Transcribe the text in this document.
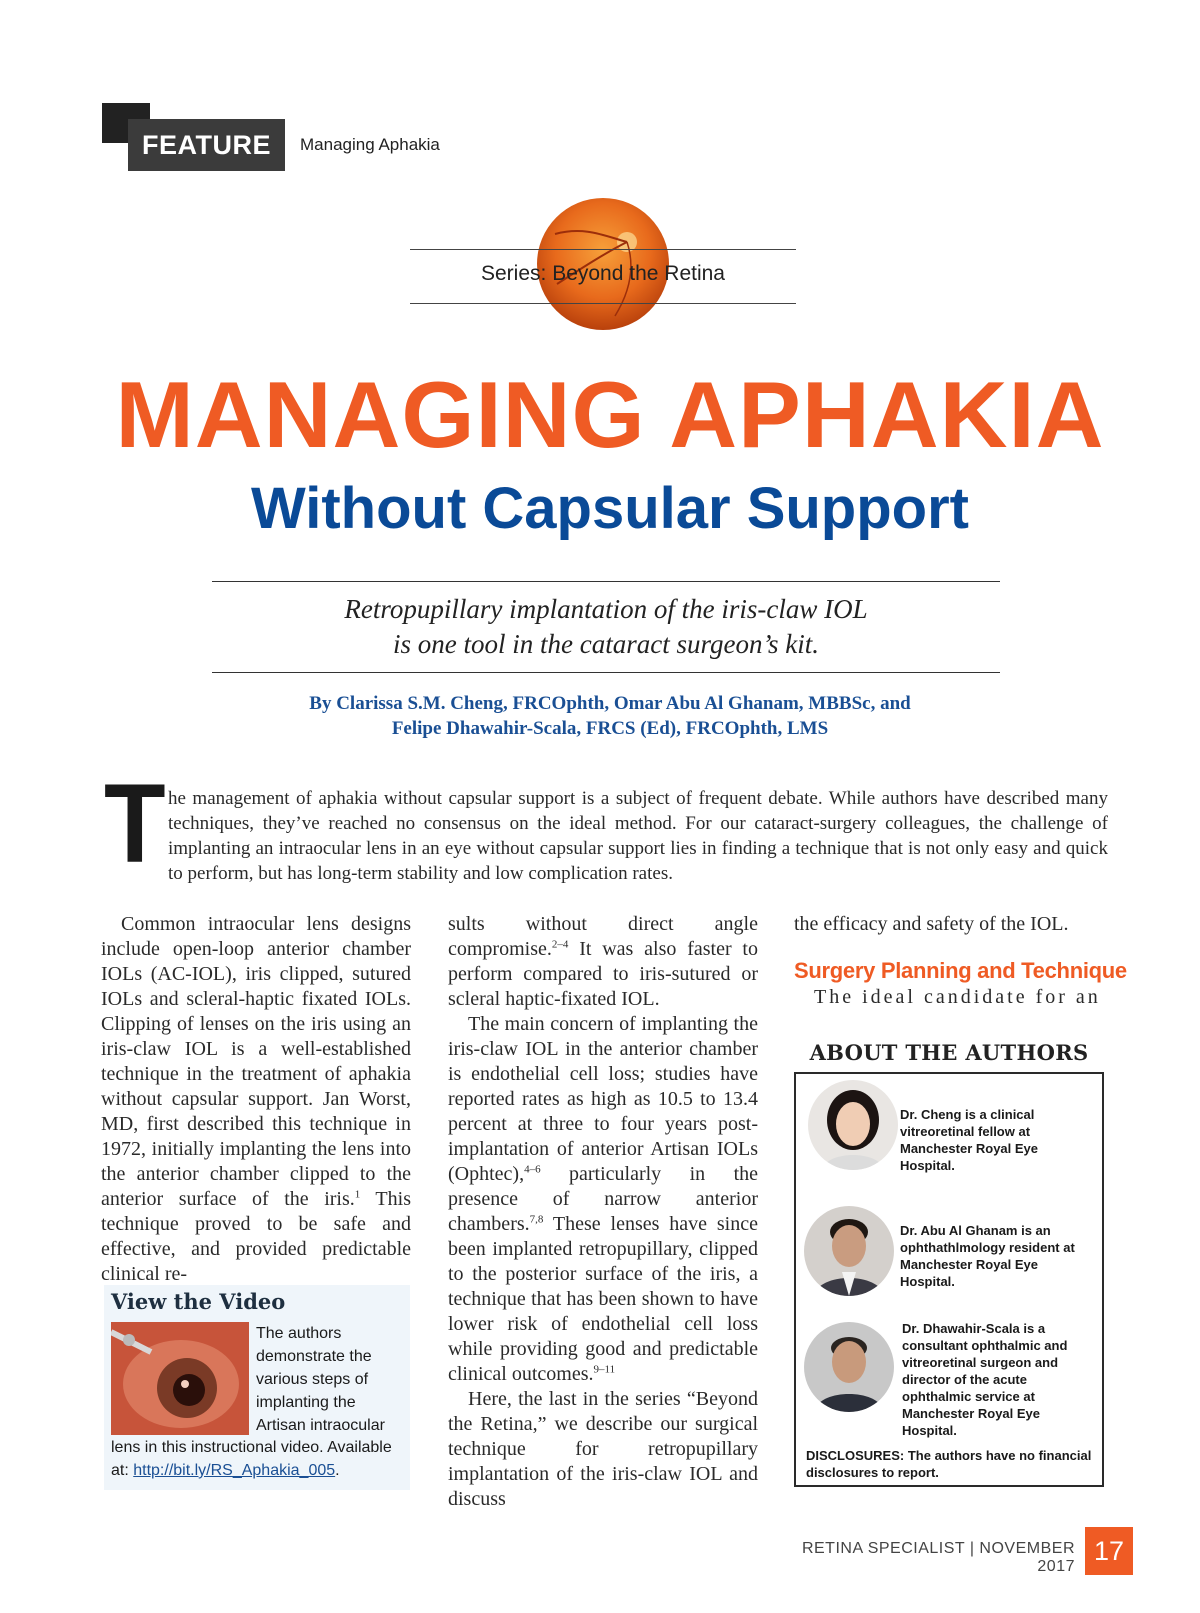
FEATURE	Managing Aphakia
Series: Beyond the Retina
MANAGING APHAKIA
Without Capsular Support
Retropupillary implantation of the iris-claw IOL
is one tool in the cataract surgeon’s kit.
By Clarissa S.M. Cheng, FRCOphth, Omar Abu Al Ghanam, MBBSc, and
Felipe Dhawahir-Scala, FRCS (Ed), FRCOphth, LMS
T he management of aphakia without capsular support is a subject of frequent debate. While authors have described many techniques, they’ve reached no consensus on the ideal method. For our cataract-surgery colleagues, the challenge of implanting an intraocular lens in an eye without capsular support lies in finding a technique that is not only easy and quick to perform, but has long-term stability and low complication rates.

Common intraocular lens designs include open-loop anterior chamber IOLs (AC-IOL), iris clipped, sutured IOLs and scleral-haptic fixated IOLs. Clipping of lenses on the iris using an iris-claw IOL is a well-established technique in the treatment of aphakia without capsular support. Jan Worst, MD, first described this technique in 1972, initially implanting the lens into the anterior chamber clipped to the anterior surface of the iris.$^1$ This technique proved to be safe and effective, and provided predictable clinical re-

View the Video
The authors demonstrate the various steps of implanting the Artisan intraocular
lens in this instructional video. Available at: http://bit.ly/RS_Aphakia_005.

sults without direct angle compromise.$^{2-4}$ It was also faster to perform compared to iris-sutured or scleral haptic-fixated IOL.

The main concern of implanting the iris-claw IOL in the anterior chamber is endothelial cell loss; studies have reported rates as high as 10.5 to 13.4 percent at three to four years post-implantation of anterior Artisan IOLs (Ophtec),$^{4-6}$ particularly in the presence of narrow anterior chambers.$^{7,8}$ These lenses have since been implanted retropupillary, clipped to the posterior surface of the iris, a technique that has been shown to have lower risk of endothelial cell loss while providing good and predictable clinical outcomes.$^{9-11}$

Here, the last in the series “Beyond the Retina,” we describe our surgical technique for retropupillary implantation of the iris-claw IOL and discuss

the efficacy and safety of the IOL.

Surgery Planning and Technique
The ideal candidate for an
ABOUT THE AUTHORS
Dr. Cheng is a clinical vitreoretinal fellow at Manchester Royal Eye Hospital.
Dr. Abu Al Ghanam is an ophthathlmology resident at Manchester Royal Eye Hospital.
Dr. Dhawahir-Scala is a consultant ophthalmic and vitreoretinal surgeon and director of the acute ophthalmic service at Manchester Royal Eye Hospital.
DISCLOSURES: The authors have no financial disclosures to report.
RETINA SPECIALIST | NOVEMBER 2017
17
